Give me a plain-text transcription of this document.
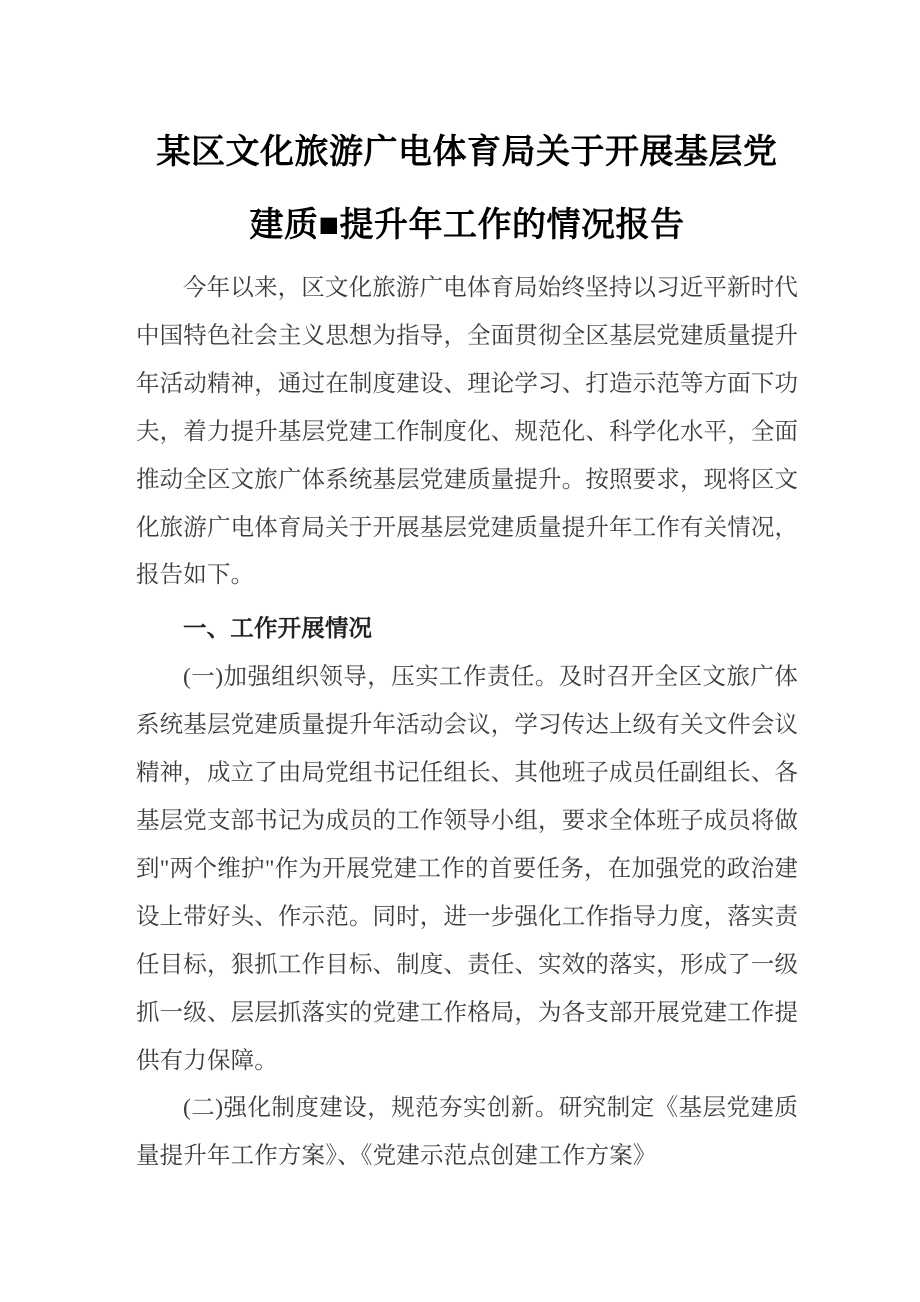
某区文化旅游广电体育局关于开展基层党
建质■提升年工作的情况报告
今年以来，区文化旅游广电体育局始终坚持以习近平新时代
中国特色社会主义思想为指导，全面贯彻全区基层党建质量提升
年活动精神，通过在制度建设、理论学习、打造示范等方面下功
夫，着力提升基层党建工作制度化、规范化、科学化水平，全面
推动全区文旅广体系统基层党建质量提升。按照要求，现将区文
化旅游广电体育局关于开展基层党建质量提升年工作有关情况，
报告如下。
一、工作开展情况
(一)加强组织领导，压实工作责任。及时召开全区文旅广体
系统基层党建质量提升年活动会议，学习传达上级有关文件会议
精神，成立了由局党组书记任组长、其他班子成员任副组长、各
基层党支部书记为成员的工作领导小组，要求全体班子成员将做
到"两个维护"作为开展党建工作的首要任务，在加强党的政治建
设上带好头、作示范。同时，进一步强化工作指导力度，落实责
任目标，狠抓工作目标、制度、责任、实效的落实，形成了一级
抓一级、层层抓落实的党建工作格局，为各支部开展党建工作提
供有力保障。
(二)强化制度建设，规范夯实创新。研究制定《基层党建质
量提升年工作方案》、《党建示范点创建工作方案》
